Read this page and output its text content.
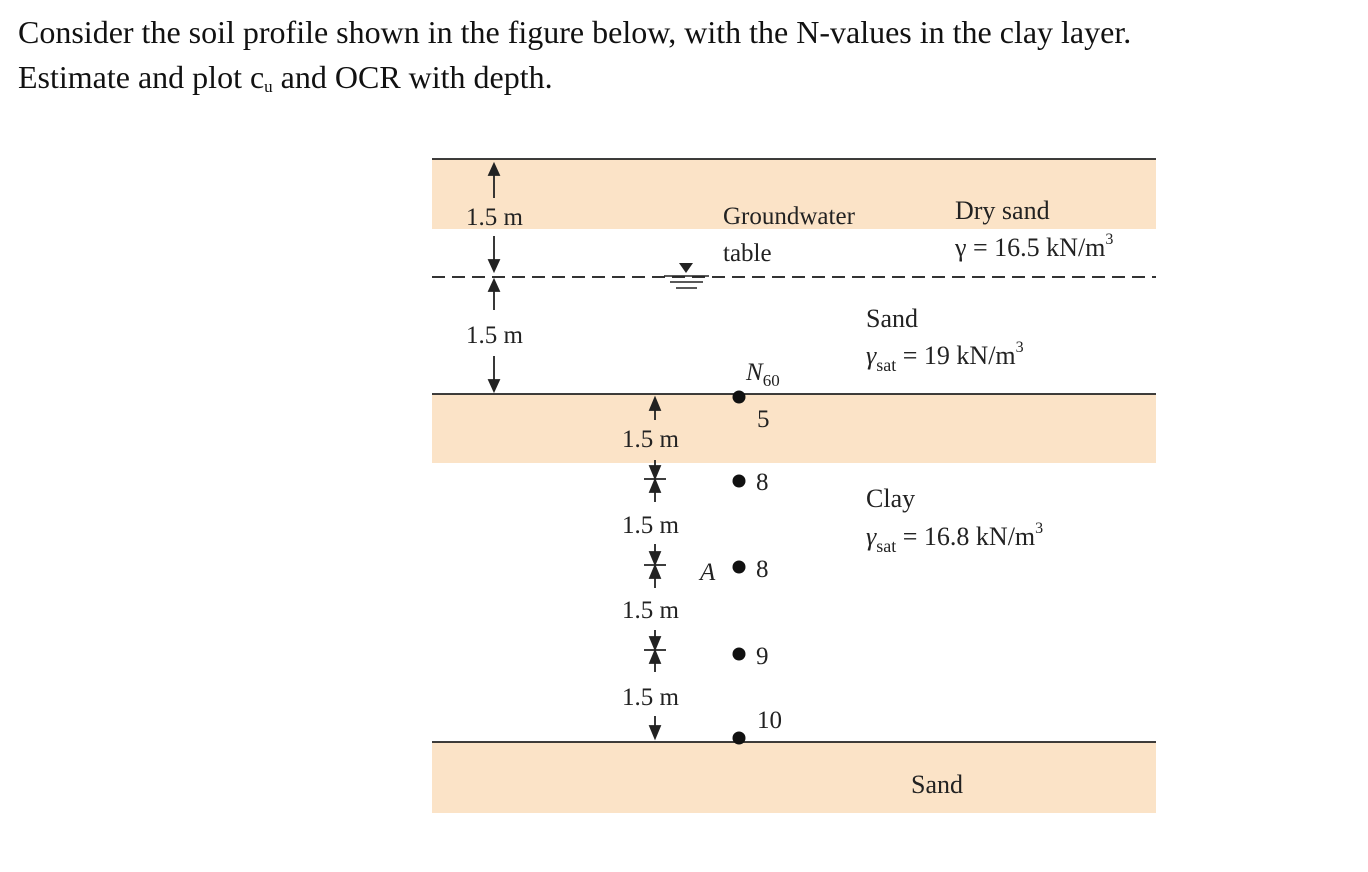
Consider the soil profile shown in the figure below, with the N-values in the clay layer.

Estimate and plot $c_u$ and OCR with depth.

1.5 m
1.5 m
1.5 m
1.5 m
1.5 m
1.5 m
Groundwater
table
Dry sand
γ = 16.5 $kN/m^3$
Sand
$\gamma_{sat} = 19$ $kN/m^3$
Clay
$\gamma_{sat} = 16.8$ $kN/m^3$
Sand
$N_{60}$
5
8
A 8
9
10
